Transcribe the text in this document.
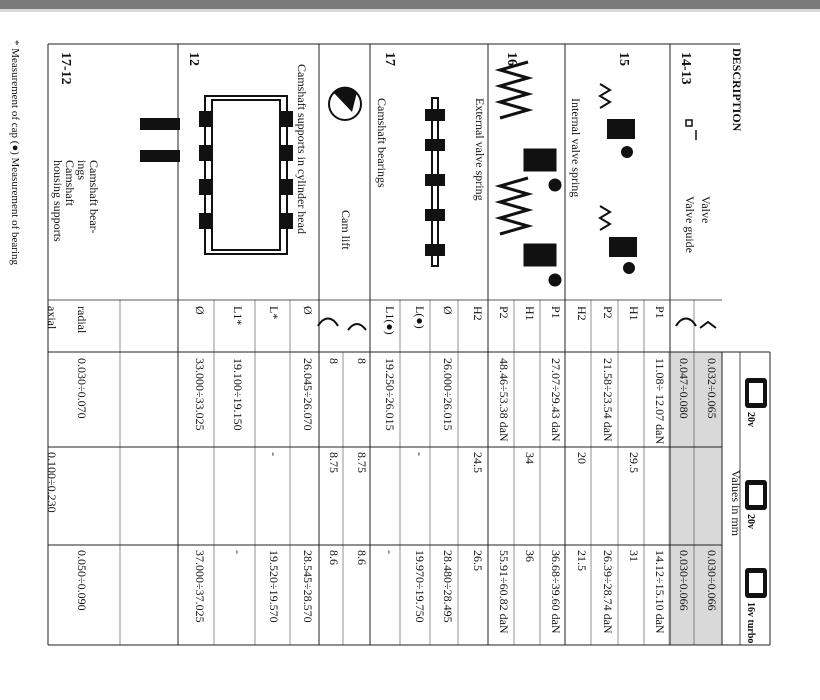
* Measurement of cap (●) Measurement of bearing	DESCRIPTION
Values in mm
20v
20v
16v turbo
14-13
Valve
Valve guide
15
Internal valve spring
16
External valve spring
17
Camshaft bearings
Cam lift
12
Camshaft supports in cylinder head
17-12
Camshaft bear-
ings
Camshaft
housing supports
0.032÷0.065
0.030÷0.066
0.047÷0.080
0.030÷0.066
P1
11.08÷ 12.07 daN
14.12÷15.10 daN
H1
29.5
31
P2
21.58÷23.54 daN
26.39÷28.74 daN
H2
20
21.5
P1
27.07÷29.43 daN
36.68÷39.60 daN
H1
34
36
P2
48.46÷53.38 daN
55.91÷60.82 daN
H2
24.5
26.5
Ø
26.000÷26.015
28.480÷28.495
L(●)
-
19.970÷19.750
L1(●)
19.250÷26.015
-
8
8.75
8.6
8
8.75
8.6
Ø
26.045÷26.070
28.545÷28.570
L*
-
19.520÷19.570
L1*
19.100÷19.150
-
Ø
33.000÷33.025
37.000÷37.025
radial
0.030÷0.070
0.050÷0.090
axial
0.100÷0.230
